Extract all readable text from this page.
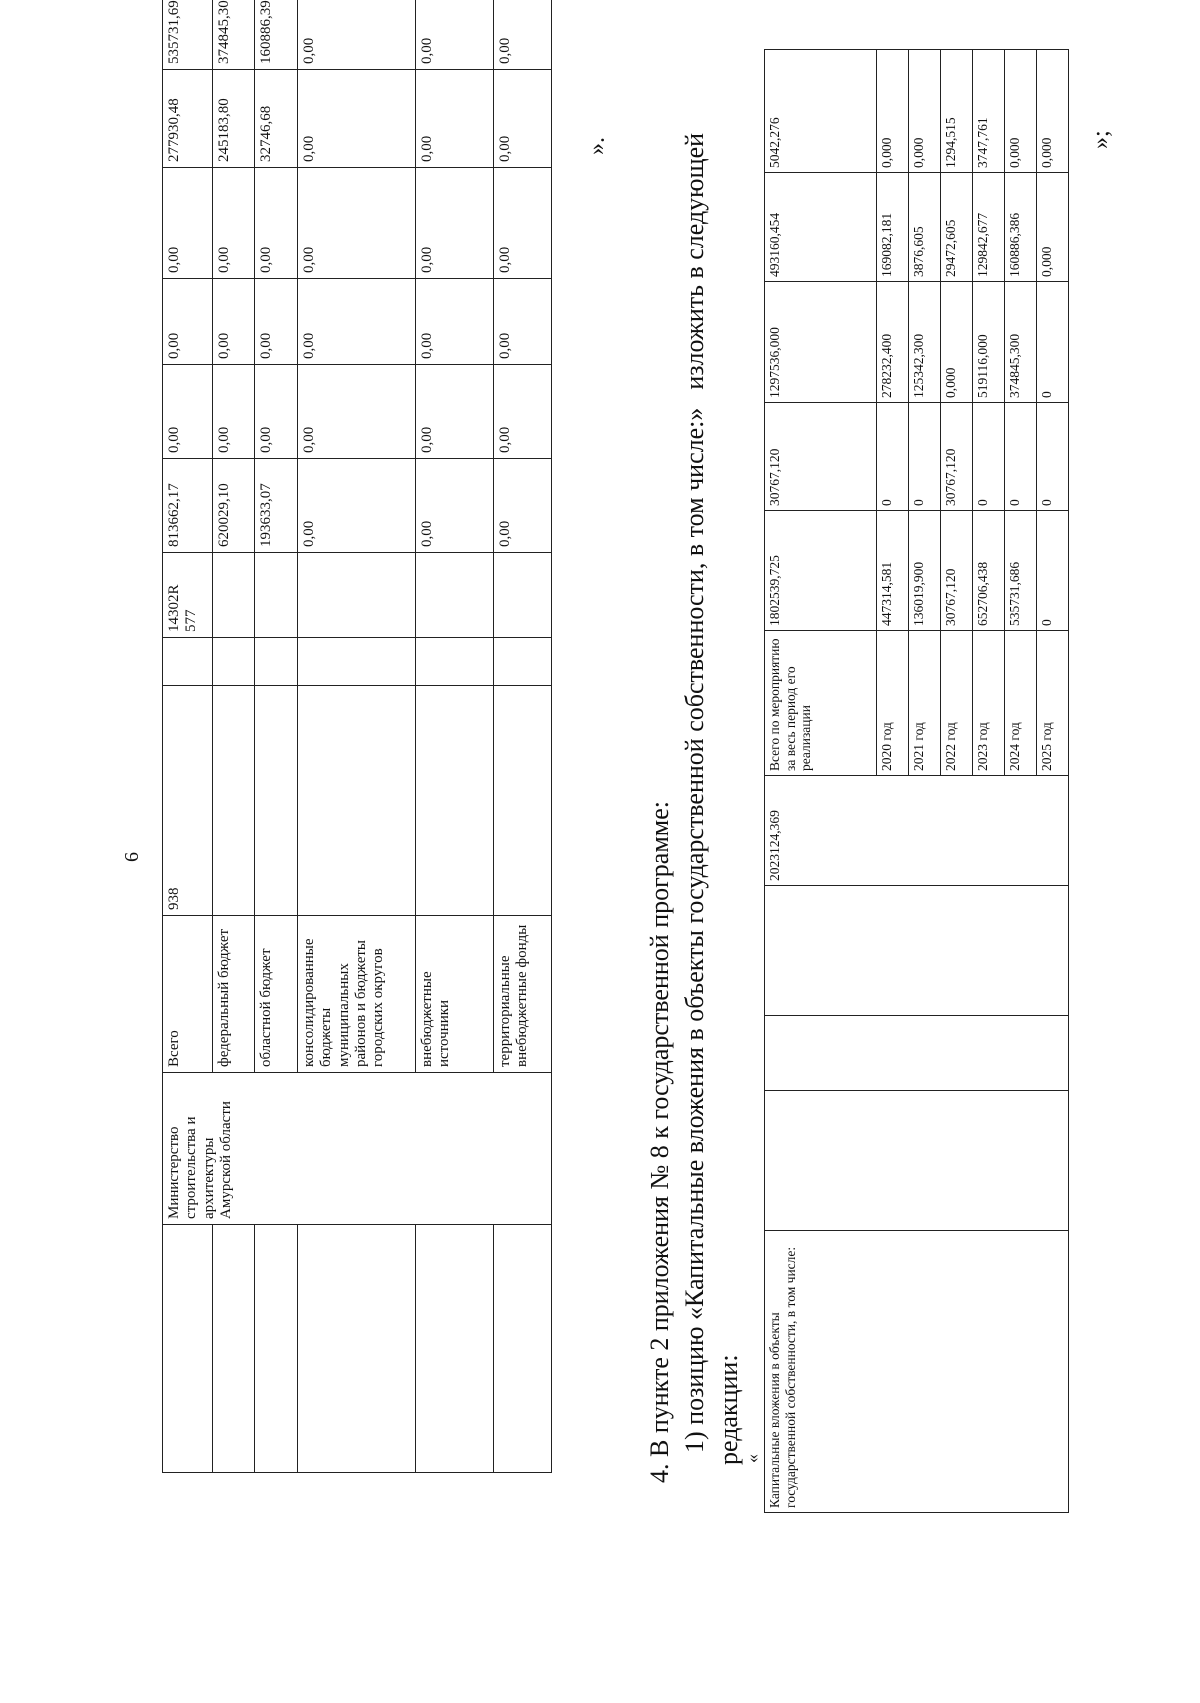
6
	Министерство строительства и архитектуры Амурской области	Всего	938		14302R
577	813662,17	0,00	0,00	0,00	277930,48	535731,69	
		федеральный бюджет				620029,10	0,00	0,00	0,00	245183,80	374845,30	
		областной бюджет				193633,07	0,00	0,00	0,00	32746,68	160886,39	
		консолидированные бюджеты муниципальных районов и бюджеты городских округов				0,00	0,00	0,00	0,00	0,00	0,00	
		внебюджетные источники				0,00	0,00	0,00	0,00	0,00	0,00	
		территориальные внебюджетные фонды				0,00	0,00	0,00	0,00	0,00	0,00	
».
4. В пункте 2 приложения № 8 к государственной программе: 1) позицию «Капитальные вложения в объекты государственной собственности, в том числе:»изложить в следующей
редакции: « Капитальные вложения в объекты государственной собственности, в том числе:				2023124,369	Всего по мероприятию за весь период его реализации	1802539,725	30767,120	1297536,000	493160,454	5042,276	
					2020 год	447314,581	0	278232,400	169082,181	0,000	
					2021 год	136019,900	0	125342,300	3876,605	0,000	
					2022 год	30767,120	30767,120	0,000	29472,605	1294,515	
					2023 год	652706,438	0	519116,000	129842,677	3747,761	
					2024 год	535731,686	0	374845,300	160886,386	0,000	
					2025 год	0	0	0	0,000	0,000	»;
